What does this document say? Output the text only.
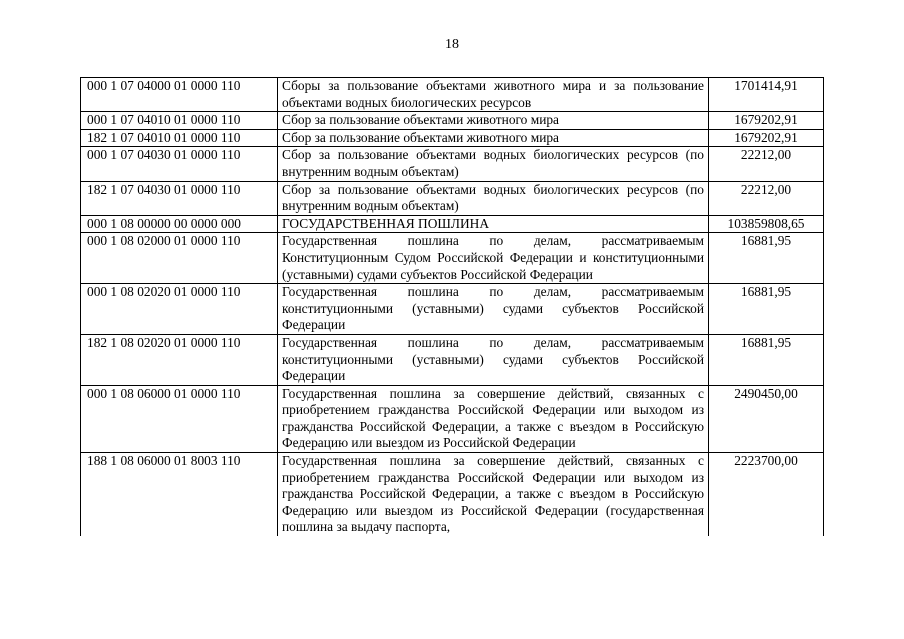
18
000 1 07 04000 01 0000 110	Сборы за пользование объектами животного мира и за пользование объектами водных биологических ресурсов	1701414,91
000 1 07 04010 01 0000 110	Сбор за пользование объектами животного мира	1679202,91
182 1 07 04010 01 0000 110	Сбор за пользование объектами животного мира	1679202,91
000 1 07 04030 01 0000 110	Сбор за пользование объектами водных биологических ресурсов (по внутренним водным объектам)	22212,00
182 1 07 04030 01 0000 110	Сбор за пользование объектами водных биологических ресурсов (по внутренним водным объектам)	22212,00
000 1 08 00000 00 0000 000	ГОСУДАРСТВЕННАЯ ПОШЛИНА	103859808,65
000 1 08 02000 01 0000 110	Государственная пошлина по делам, рассматриваемым Конституционным Судом Российской Федерации и конституционными (уставными) судами субъектов Российской Федерации	16881,95
000 1 08 02020 01 0000 110	Государственная пошлина по делам, рассматриваемым конституционными (уставными) судами субъектов Российской Федерации	16881,95
182 1 08 02020 01 0000 110	Государственная пошлина по делам, рассматриваемым конституционными (уставными) судами субъектов Российской Федерации	16881,95
000 1 08 06000 01 0000 110	Государственная пошлина за совершение действий, связанных с приобретением гражданства Российской Федерации или выходом из гражданства Российской Федерации, а также с въездом в Российскую Федерацию или выездом из Российской Федерации	2490450,00
188 1 08 06000 01 8003 110	Государственная пошлина за совершение действий, связанных с приобретением гражданства Российской Федерации или выходом из гражданства Российской Федерации, а также с въездом в Российскую Федерацию или выездом из Российской Федерации (государственная пошлина за выдачу паспорта,	2223700,00
